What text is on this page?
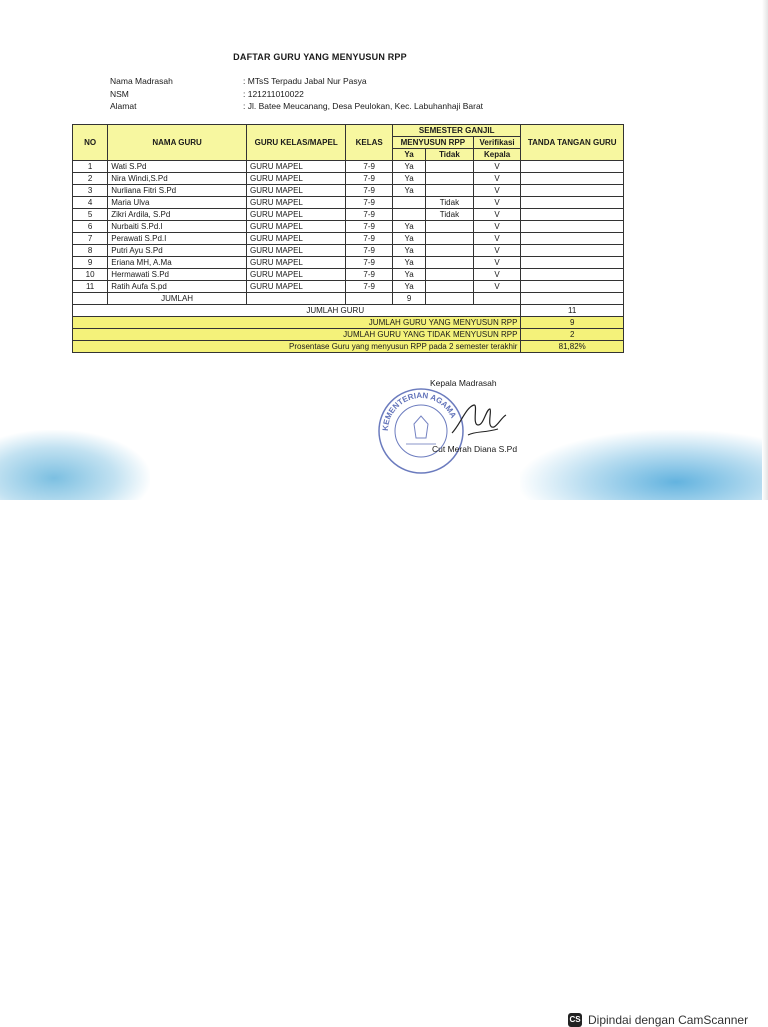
DAFTAR GURU YANG MENYUSUN RPP
Nama Madrasah	: MTsS Terpadu Jabal Nur Pasya
NSM	: 121211010022
Alamat	: Jl. Batee Meucanang, Desa Peulokan, Kec. Labuhanhaji Barat
NO	NAMA GURU	GURU KELAS/MAPEL	KELAS	SEMESTER GANJIL			TANDA TANGAN GURU
				MENYUSUN RPP		Verifikasi	
				Ya	Tidak	Kepala	
1	Wati S.Pd	GURU MAPEL	7-9	Ya		V	
2	Nira Windi,S.Pd	GURU MAPEL	7-9	Ya		V	
3	Nurliana Fitri S.Pd	GURU MAPEL	7-9	Ya		V	
4	Maria Ulva	GURU MAPEL	7-9		Tidak	V	
5	Zikri Ardila, S.Pd	GURU MAPEL	7-9		Tidak	V	
6	Nurbaiti S.Pd.I	GURU MAPEL	7-9	Ya		V	
7	Perawati S.Pd.I	GURU MAPEL	7-9	Ya		V	
8	Putri Ayu S.Pd	GURU MAPEL	7-9	Ya		V	
9	Eriana MH, A.Ma	GURU MAPEL	7-9	Ya		V	
10	Hermawati S.Pd	GURU MAPEL	7-9	Ya		V	
11	Ratih Aufa S.pd	GURU MAPEL	7-9	Ya		V	
	JUMLAH			9			
JUMLAH GURU							11
JUMLAH GURU YANG MENYUSUN RPP							9
JUMLAH GURU YANG TIDAK MENYUSUN RPP							2
Prosentase Guru yang menyusun RPP pada 2 semester terakhir							81,82%
Kepala Madrasah
KEMENTERIAN AGAMA
Cut Merah Diana S.Pd
CS Dipindai dengan CamScanner
